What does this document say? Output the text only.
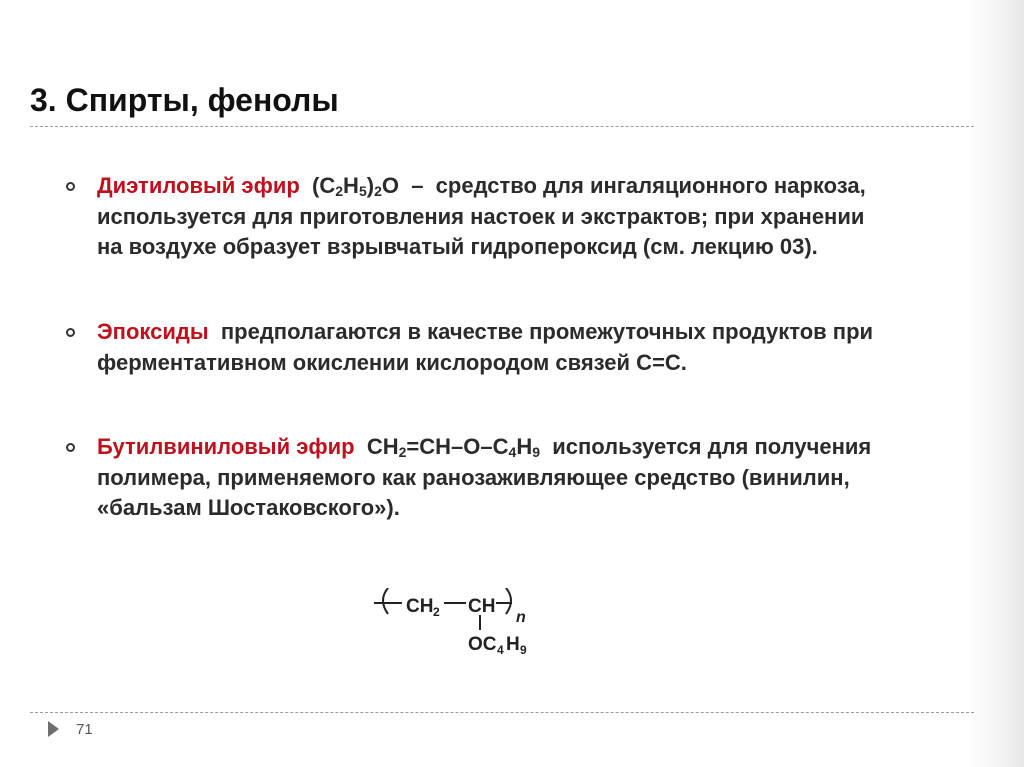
3. Спирты, фенолы
Диэтиловый эфир $(C_2H_5)_2O$  –  средство для ингаляционного наркоза, используется для приготовления настоек и экстрактов; при хранении на воздухе образует взрывчатый гидропероксид (см. лекцию 03).
Эпоксиды предполагаются в качестве промежуточных продуктов при ферментативном окислении кислородом связей C=C.
Бутилвиниловый эфир $CH_2=CH-O-C_4H_9$ используется для получения полимера, применяемого как ранозаживляющее средство (винилин, «бальзам Шостаковского»).
CH 2 CH
n
OC 4 H 9
71
